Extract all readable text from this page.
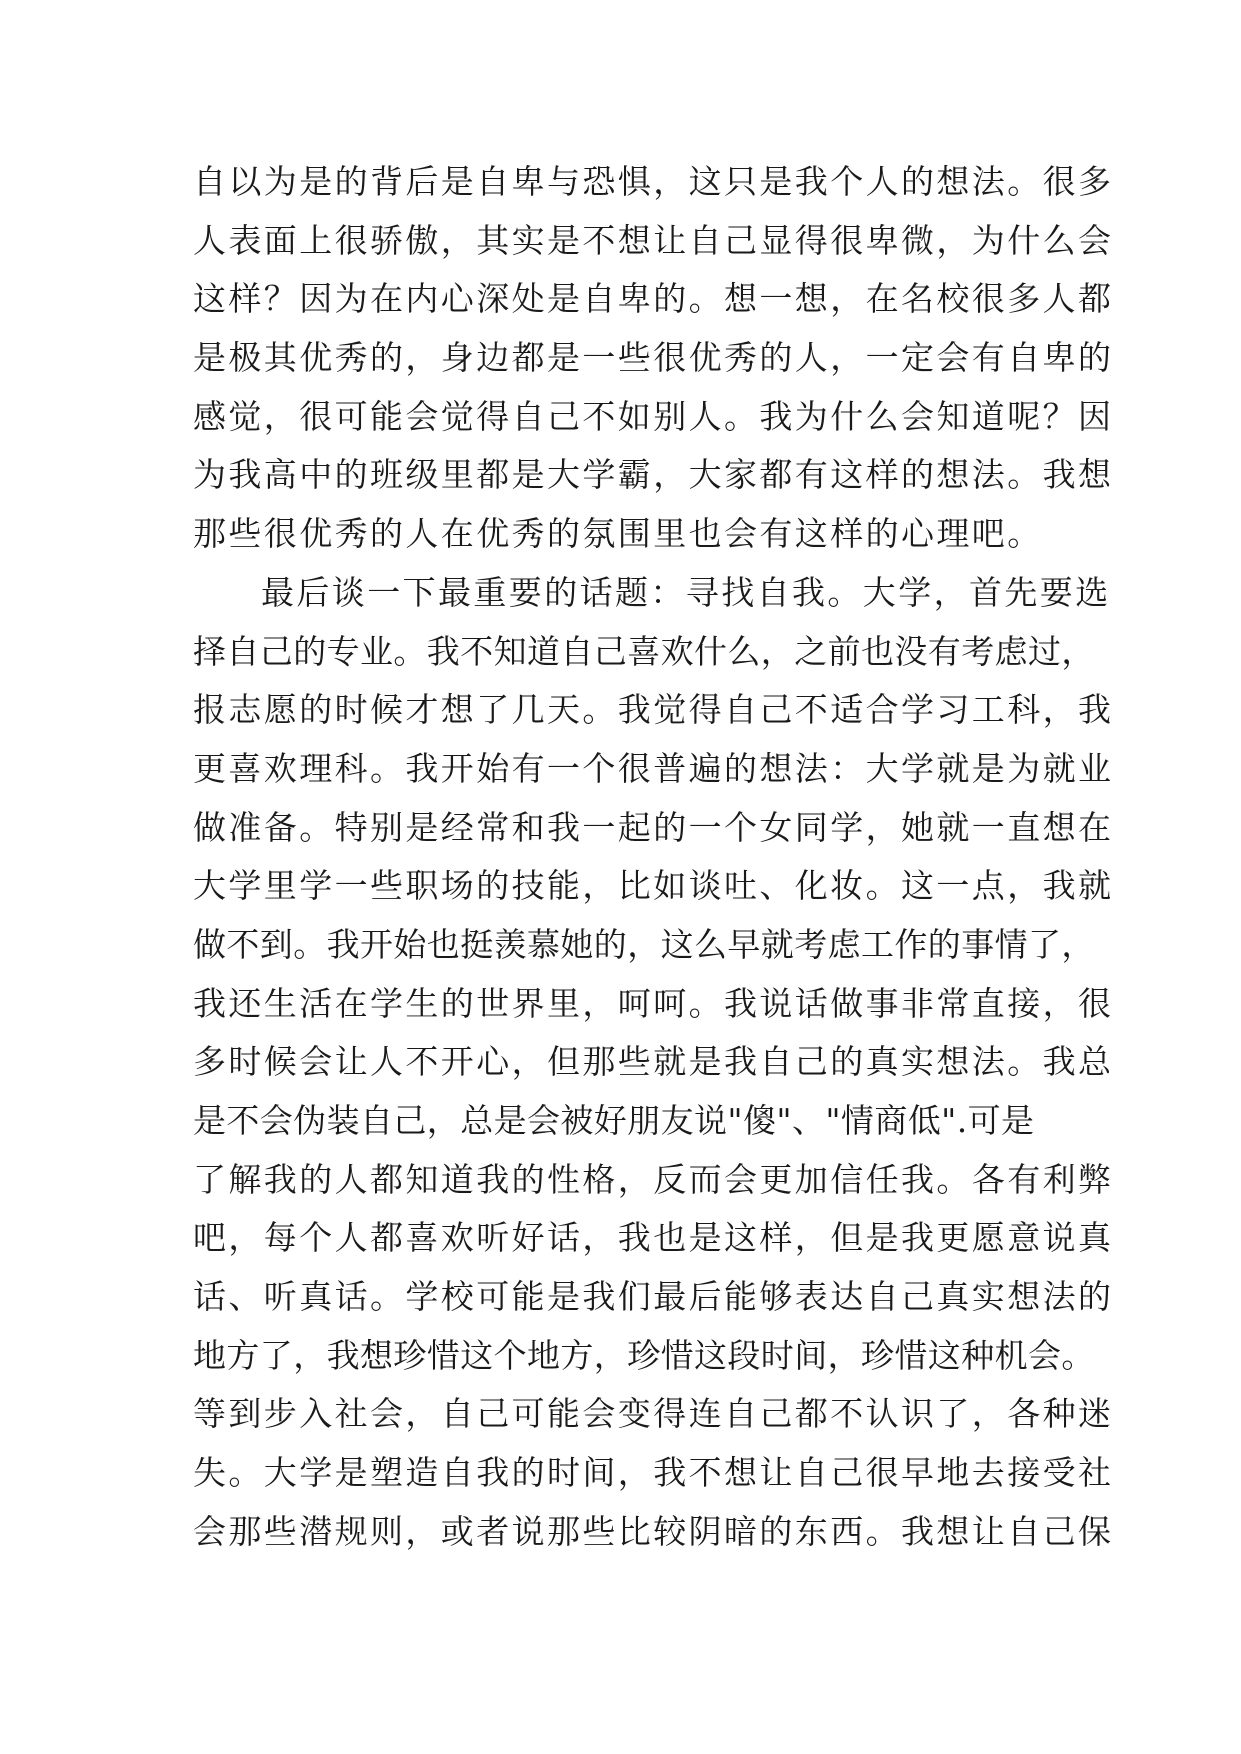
自以为是的背后是自卑与恐惧，这只是我个人的想法。很多
人表面上很骄傲，其实是不想让自己显得很卑微，为什么会
这样？因为在内心深处是自卑的。想一想，在名校很多人都
是极其优秀的，身边都是一些很优秀的人，一定会有自卑的
感觉，很可能会觉得自己不如别人。我为什么会知道呢？因
为我高中的班级里都是大学霸，大家都有这样的想法。我想
那些很优秀的人在优秀的氛围里也会有这样的心理吧。
最后谈一下最重要的话题：寻找自我。大学，首先要选
择自己的专业。我不知道自己喜欢什么，之前也没有考虑过，
报志愿的时候才想了几天。我觉得自己不适合学习工科，我
更喜欢理科。我开始有一个很普遍的想法：大学就是为就业
做准备。特别是经常和我一起的一个女同学，她就一直想在
大学里学一些职场的技能，比如谈吐、化妆。这一点，我就
做不到。我开始也挺羡慕她的，这么早就考虑工作的事情了，
我还生活在学生的世界里，呵呵。我说话做事非常直接，很
多时候会让人不开心，但那些就是我自己的真实想法。我总
是不会伪装自己，总是会被好朋友说"傻"、"情商低".可是
了解我的人都知道我的性格，反而会更加信任我。各有利弊
吧，每个人都喜欢听好话，我也是这样，但是我更愿意说真
话、听真话。学校可能是我们最后能够表达自己真实想法的
地方了，我想珍惜这个地方，珍惜这段时间，珍惜这种机会。
等到步入社会，自己可能会变得连自己都不认识了，各种迷
失。大学是塑造自我的时间，我不想让自己很早地去接受社
会那些潜规则，或者说那些比较阴暗的东西。我想让自己保
